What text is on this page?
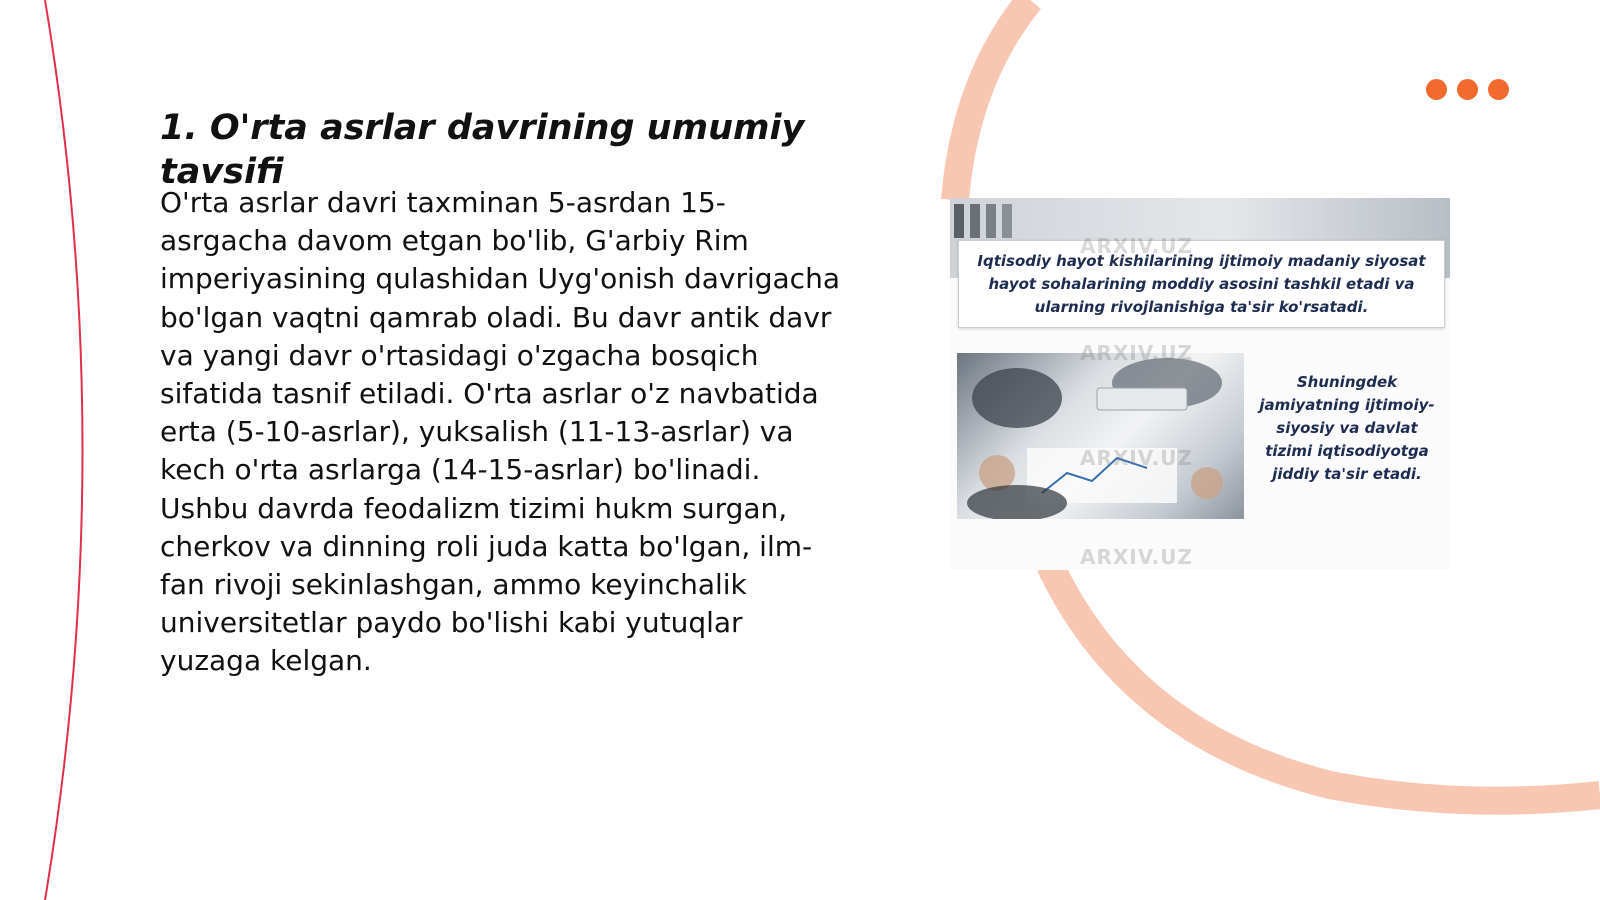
1. O'rta asrlar davrining umumiy tavsifi

O'rta asrlar davri taxminan 5-asrdan 15-asrgacha davom etgan bo'lib, G'arbiy Rim imperiyasining qulashidan Uyg'onish davrigacha bo'lgan vaqtni qamrab oladi. Bu davr antik davr va yangi davr o'rtasidagi o'zgacha bosqich sifatida tasnif etiladi. O'rta asrlar o'z navbatida erta (5-10-asrlar), yuksalish (11-13-asrlar) va kech o'rta asrlarga (14-15-asrlar) bo'linadi. Ushbu davrda feodalizm tizimi hukm surgan, cherkov va dinning roli juda katta bo'lgan, ilm-fan rivoji sekinlashgan, ammo keyinchalik universitetlar paydo bo'lishi kabi yutuqlar yuzaga kelgan.

Iqtisodiy hayot kishilarining ijtimoiy madaniy siyosat hayot sohalarining moddiy asosini tashkil etadi va ularning rivojlanishiga ta'sir ko'rsatadi.

Shuningdek jamiyatning ijtimoiy-siyosiy va davlat tizimi iqtisodiyotga jiddiy ta'sir etadi.

ARXIV.UZ
ARXIV.UZ
ARXIV.UZ
ARXIV.UZ
